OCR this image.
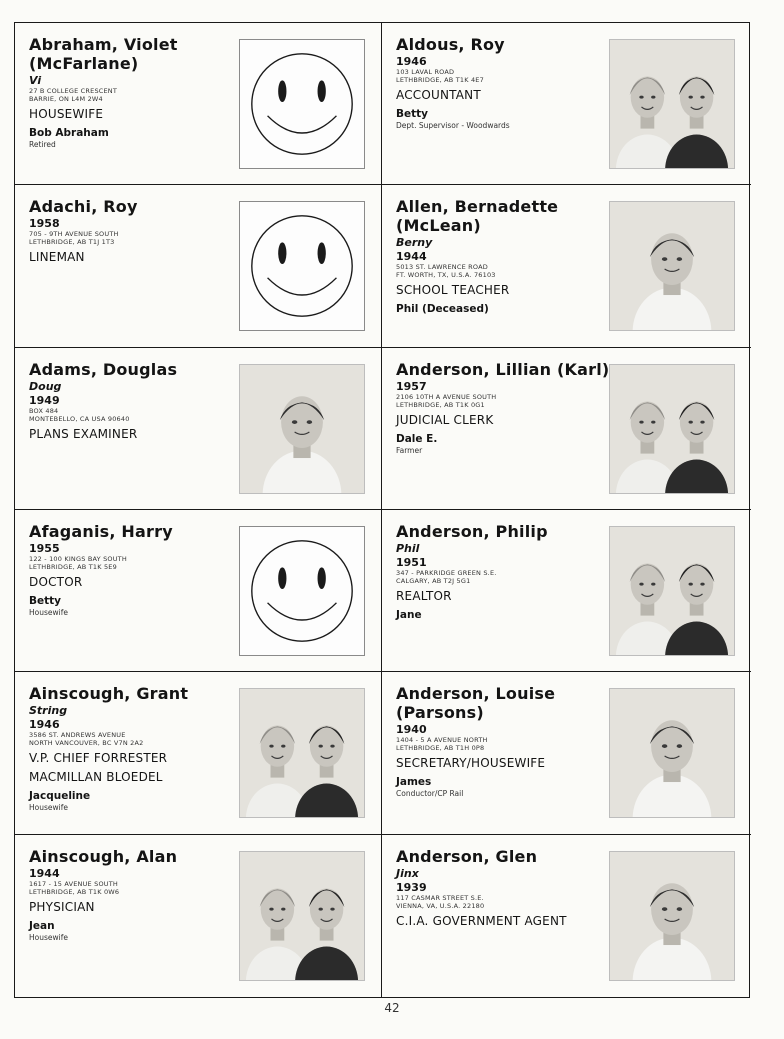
Abraham, Violet (McFarlane)
Vi
27 B COLLEGE CRESCENT
BARRIE, ON L4M 2W4
HOUSEWIFE
Bob Abraham
Retired
Aldous, Roy
1946
103 LAVAL ROAD
LETHBRIDGE, AB T1K 4E7
ACCOUNTANT
Betty
Dept. Supervisor - Woodwards
Adachi, Roy
1958
705 - 9TH AVENUE SOUTH
LETHBRIDGE, AB T1J 1T3
LINEMAN
Allen, Bernadette (McLean)
Berny
1944
5013 ST. LAWRENCE ROAD
FT. WORTH, TX, U.S.A. 76103
SCHOOL TEACHER
Phil (Deceased)
Adams, Douglas
Doug
1949
BOX 484
MONTEBELLO, CA USA 90640
PLANS EXAMINER
Anderson, Lillian (Karl)
1957
2106 10TH A AVENUE SOUTH
LETHBRIDGE, AB T1K 0G1
JUDICIAL CLERK
Dale E.
Farmer
Afaganis, Harry
1955
122 - 100 KINGS BAY SOUTH
LETHBRIDGE, AB T1K 5E9
DOCTOR
Betty
Housewife
Anderson, Philip
Phil
1951
347 - PARKRIDGE GREEN S.E.
CALGARY, AB T2J 5G1
REALTOR
Jane
Ainscough, Grant
String
1946
3586 ST. ANDREWS AVENUE
NORTH VANCOUVER, BC V7N 2A2
V.P. CHIEF FORRESTER
MACMILLAN BLOEDEL
Jacqueline
Housewife
Anderson, Louise (Parsons)
1940
1404 - 5 A AVENUE NORTH
LETHBRIDGE, AB T1H 0P8
SECRETARY/HOUSEWIFE
James
Conductor/CP Rail
Ainscough, Alan
1944
1617 - 15 AVENUE SOUTH
LETHBRIDGE, AB T1K 0W6
PHYSICIAN
Jean
Housewife
Anderson, Glen
Jinx
1939
117 CASMAR STREET S.E.
VIENNA, VA, U.S.A. 22180
C.I.A. GOVERNMENT AGENT
42
